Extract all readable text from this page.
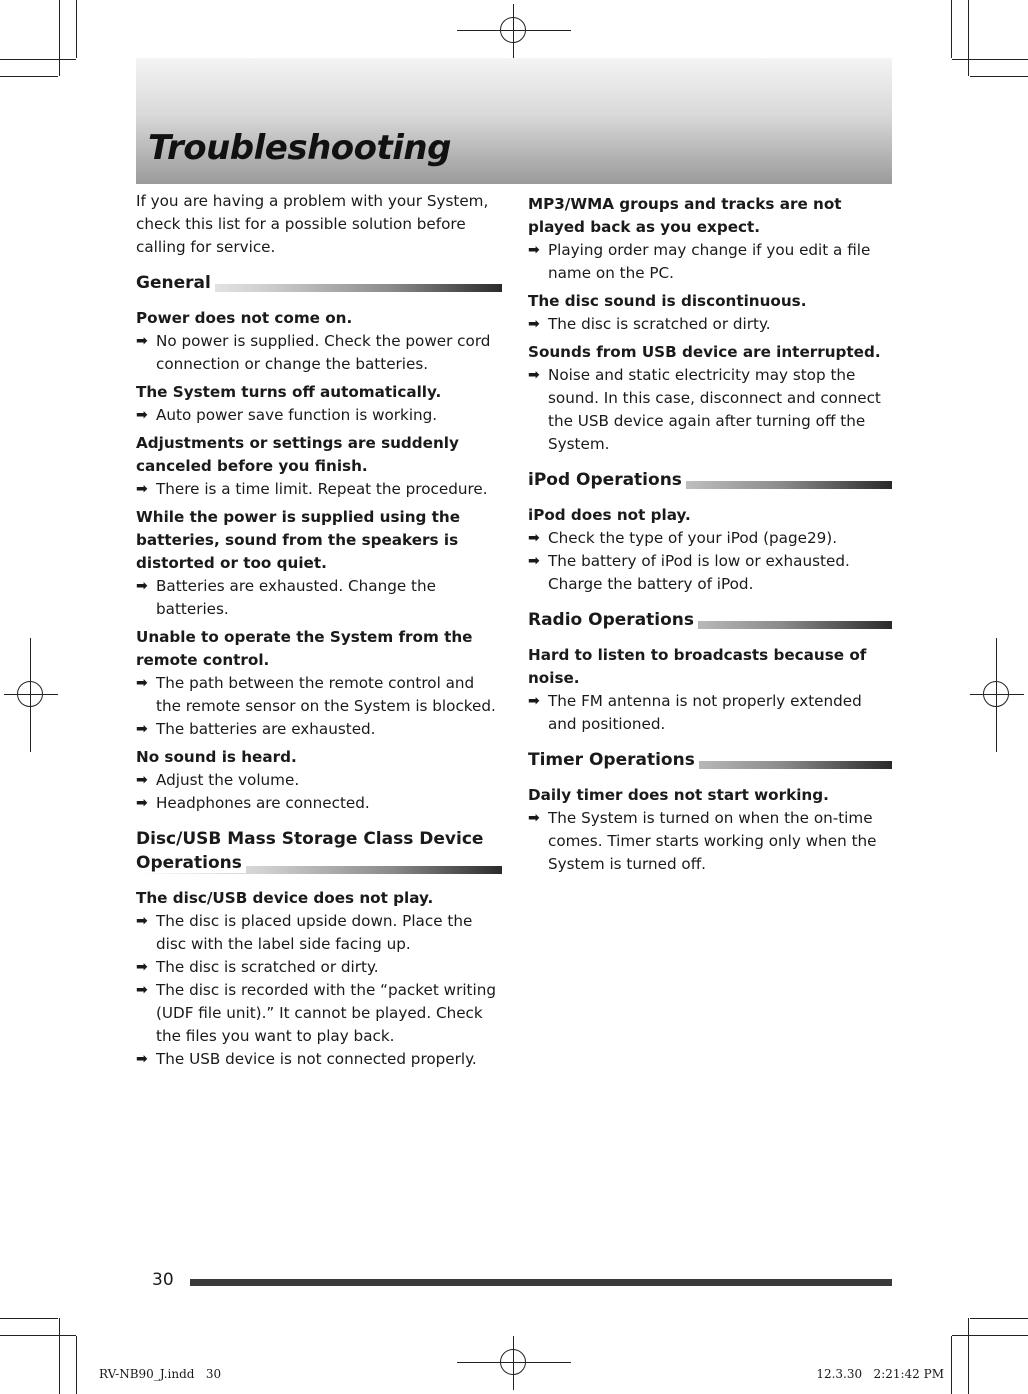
Troubleshooting

If you are having a problem with your System, check this list for a possible solution before calling for service.

General

Power does not come on.

➡ No power is supplied. Check the power cord connection or change the batteries.

The System turns off automatically.

➡ Auto power save function is working.

Adjustments or settings are suddenly canceled before you finish.

➡ There is a time limit. Repeat the procedure.

While the power is supplied using the batteries, sound from the speakers is distorted or too quiet.

➡ Batteries are exhausted. Change the batteries.

Unable to operate the System from the remote control.

➡ The path between the remote control and the remote sensor on the System is blocked.

➡ The batteries are exhausted.

No sound is heard.

➡ Adjust the volume.

➡ Headphones are connected.

Disc/USB Mass Storage Class Device Operations

The disc/USB device does not play.

➡ The disc is placed upside down. Place the disc with the label side facing up.

➡ The disc is scratched or dirty.

➡ The disc is recorded with the “packet writing (UDF file unit).” It cannot be played. Check the files you want to play back.

➡ The USB device is not connected properly.

MP3/WMA groups and tracks are not played back as you expect.

➡ Playing order may change if you edit a file name on the PC.

The disc sound is discontinuous.

➡ The disc is scratched or dirty.

Sounds from USB device are interrupted.

➡ Noise and static electricity may stop the sound. In this case, disconnect and connect the USB device again after turning off the System.

iPod Operations

iPod does not play.

➡ Check the type of your iPod (page29).

➡ The battery of iPod is low or exhausted. Charge the battery of iPod.

Radio Operations

Hard to listen to broadcasts because of noise.

➡ The FM antenna is not properly extended and positioned.

Timer Operations

Daily timer does not start working.

➡ The System is turned on when the on-time comes. Timer starts working only when the System is turned off.

30
RV-NB90_J.indd   30	12.3.30   2:21:42 PM
